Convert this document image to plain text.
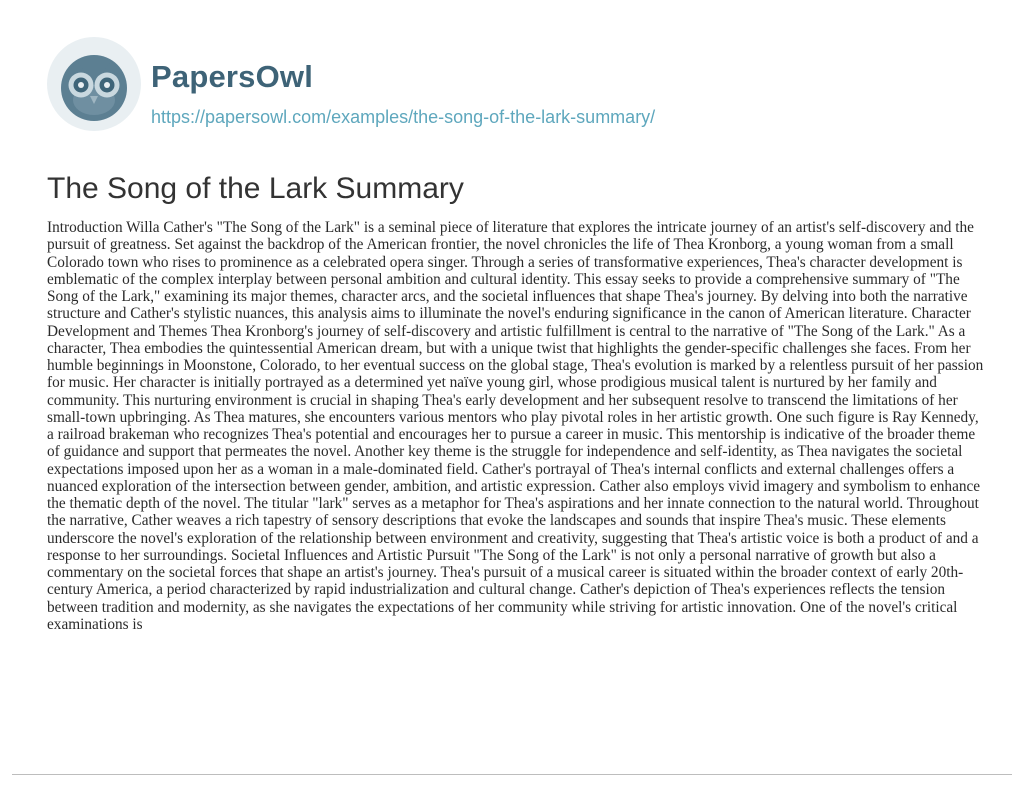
PapersOwl
https://papersowl.com/examples/the-song-of-the-lark-summary/
The Song of the Lark Summary

Introduction Willa Cather's "The Song of the Lark" is a seminal piece of literature that explores the intricate journey of an artist's self-discovery and the pursuit of greatness. Set against the backdrop of the American frontier, the novel chronicles the life of Thea Kronborg, a young woman from a small Colorado town who rises to prominence as a celebrated opera singer. Through a series of transformative experiences, Thea's character development is emblematic of the complex interplay between personal ambition and cultural identity. This essay seeks to provide a comprehensive summary of "The Song of the Lark," examining its major themes, character arcs, and the societal influences that shape Thea's journey. By delving into both the narrative structure and Cather's stylistic nuances, this analysis aims to illuminate the novel's enduring significance in the canon of American literature. Character Development and Themes Thea Kronborg's journey of self-discovery and artistic fulfillment is central to the narrative of "The Song of the Lark." As a character, Thea embodies the quintessential American dream, but with a unique twist that highlights the gender-specific challenges she faces. From her humble beginnings in Moonstone, Colorado, to her eventual success on the global stage, Thea's evolution is marked by a relentless pursuit of her passion for music. Her character is initially portrayed as a determined yet naïve young girl, whose prodigious musical talent is nurtured by her family and community. This nurturing environment is crucial in shaping Thea's early development and her subsequent resolve to transcend the limitations of her small-town upbringing. As Thea matures, she encounters various mentors who play pivotal roles in her artistic growth. One such figure is Ray Kennedy, a railroad brakeman who recognizes Thea's potential and encourages her to pursue a career in music. This mentorship is indicative of the broader theme of guidance and support that permeates the novel. Another key theme is the struggle for independence and self-identity, as Thea navigates the societal expectations imposed upon her as a woman in a male-dominated field. Cather's portrayal of Thea's internal conflicts and external challenges offers a nuanced exploration of the intersection between gender, ambition, and artistic expression. Cather also employs vivid imagery and symbolism to enhance the thematic depth of the novel. The titular "lark" serves as a metaphor for Thea's aspirations and her innate connection to the natural world. Throughout the narrative, Cather weaves a rich tapestry of sensory descriptions that evoke the landscapes and sounds that inspire Thea's music. These elements underscore the novel's exploration of the relationship between environment and creativity, suggesting that Thea's artistic voice is both a product of and a response to her surroundings. Societal Influences and Artistic Pursuit "The Song of the Lark" is not only a personal narrative of growth but also a commentary on the societal forces that shape an artist's journey. Thea's pursuit of a musical career is situated within the broader context of early 20th-century America, a period characterized by rapid industrialization and cultural change. Cather's depiction of Thea's experiences reflects the tension between tradition and modernity, as she navigates the expectations of her community while striving for artistic innovation. One of the novel's critical examinations is
